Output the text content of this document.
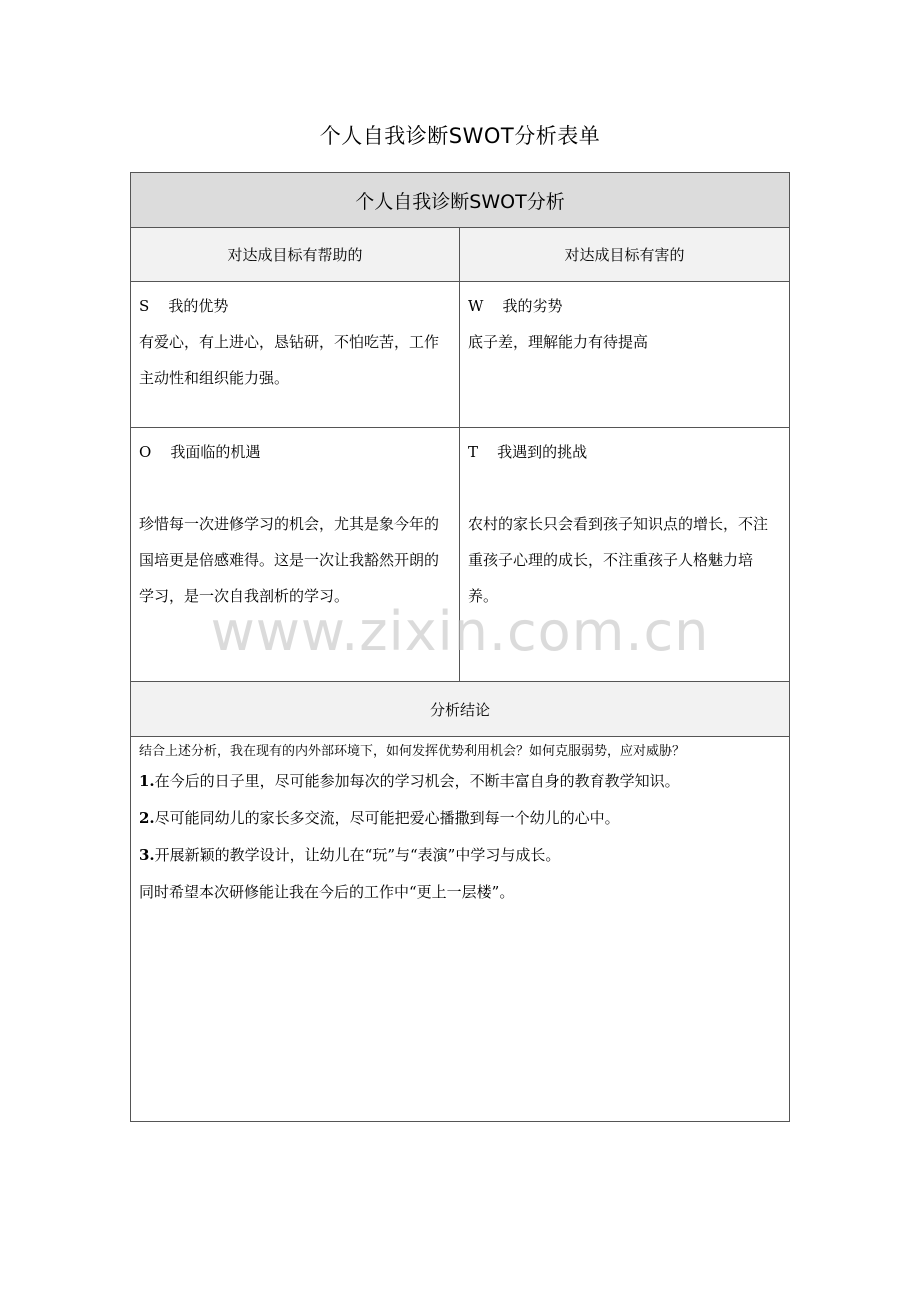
个人自我诊断SWOT分析表单
个人自我诊断SWOT分析
对达成目标有帮助的	对达成目标有害的
S    我的优势
有爱心，有上进心，恳钻研，不怕吃苦，工作主动性和组织能力强。
W    我的劣势
底子差，理解能力有待提高
O    我面临的机遇
珍惜每一次进修学习的机会，尤其是象今年的国培更是倍感难得。这是一次让我豁然开朗的学习，是一次自我剖析的学习。
T    我遇到的挑战
农村的家长只会看到孩子知识点的增长，不注重孩子心理的成长，不注重孩子人格魅力培养。
分析结论
结合上述分析，我在现有的内外部环境下，如何发挥优势利用机会？如何克服弱势，应对威胁？
1.在今后的日子里，尽可能参加每次的学习机会，不断丰富自身的教育教学知识。
2.尽可能同幼儿的家长多交流，尽可能把爱心播撒到每一个幼儿的心中。
3.开展新颖的教学设计，让幼儿在“玩”与“表演”中学习与成长。
同时希望本次研修能让我在今后的工作中“更上一层楼”。
www.zixin.com.cn
